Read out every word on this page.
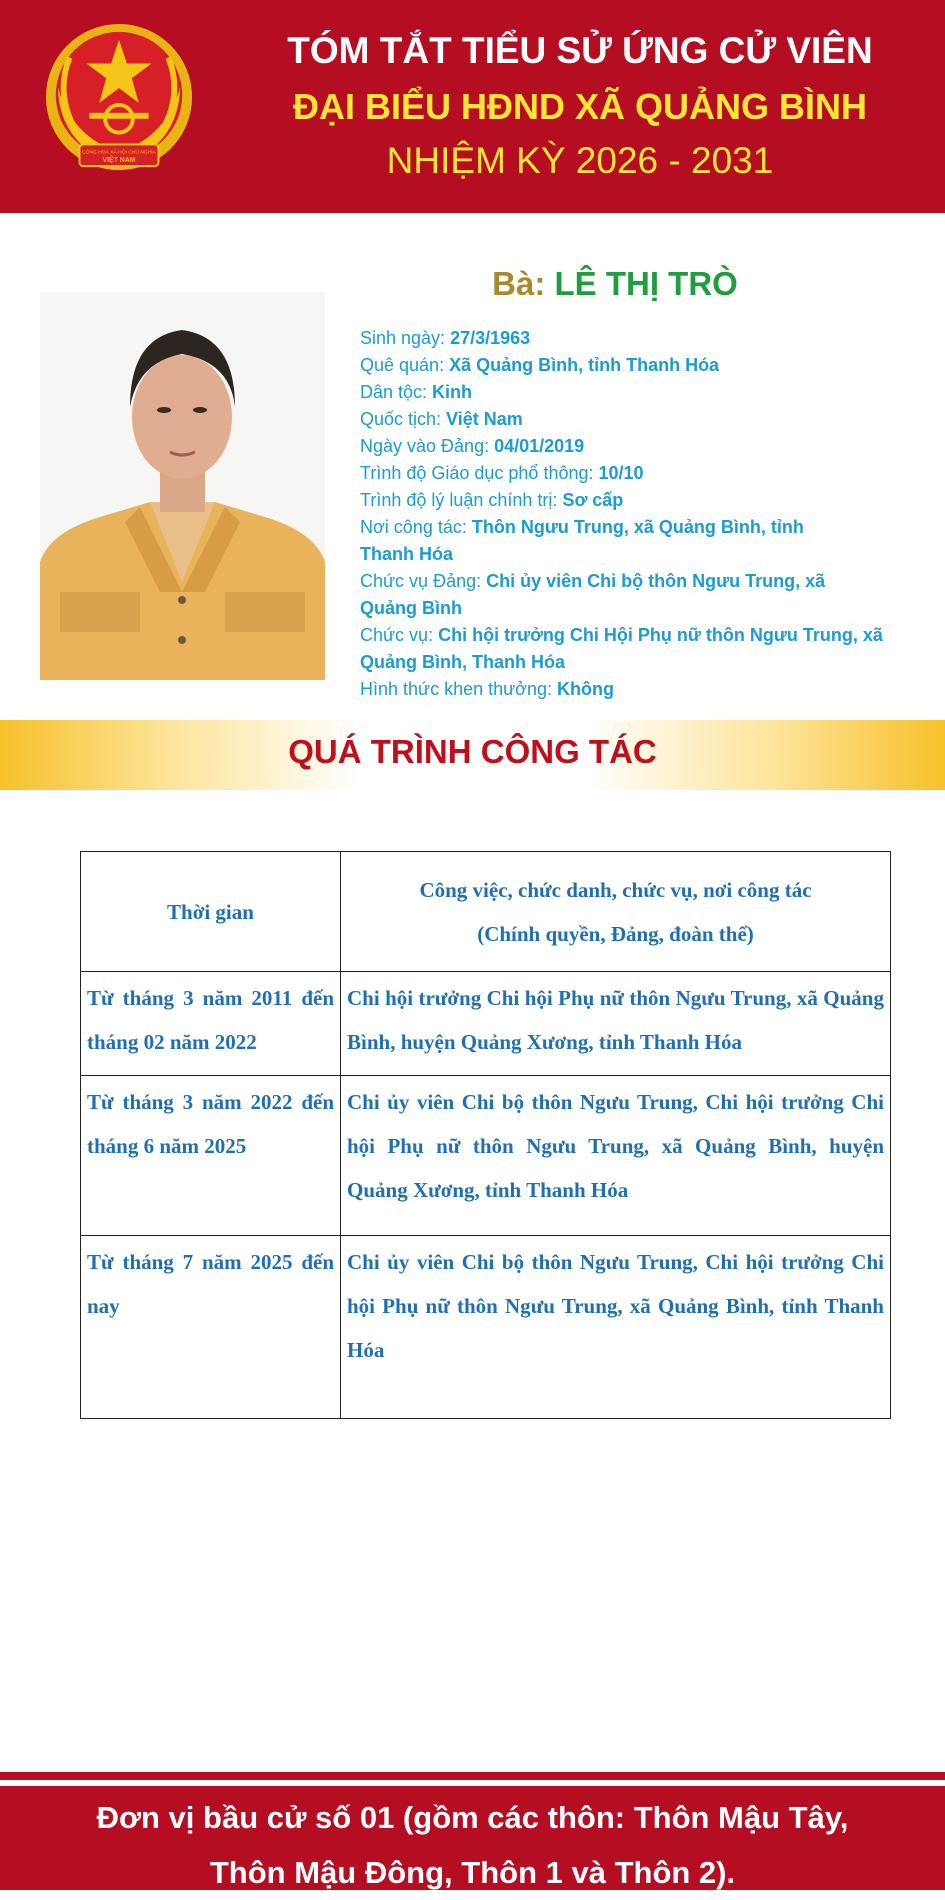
CỘNG HOÀ XÃ HỘI CHỦ NGHĨA
VIỆT NAM
TÓM TẮT TIỂU SỬ ỨNG CỬ VIÊN
ĐẠI BIỂU HĐND XÃ QUẢNG BÌNH
NHIỆM KỲ 2026 - 2031
Bà: LÊ THỊ TRÒ
Sinh ngày: 27/3/1963
Quê quán: Xã Quảng Bình, tỉnh Thanh Hóa
Dân tộc: Kinh
Quốc tịch: Việt Nam
Ngày vào Đảng: 04/01/2019
Trình độ Giáo dục phổ thông: 10/10
Trình độ lý luận chính trị: Sơ cấp
Nơi công tác: Thôn Ngưu Trung, xã Quảng Bình, tỉnh Thanh Hóa
Chức vụ Đảng: Chi ủy viên Chi bộ thôn Ngưu Trung, xã Quảng Bình
Chức vụ: Chi hội trưởng Chi Hội Phụ nữ thôn Ngưu Trung, xã Quảng Bình, Thanh Hóa
Hình thức khen thưởng: Không
QUÁ TRÌNH CÔNG TÁC
Thời gian	Công việc, chức danh, chức vụ, nơi công tác
(Chính quyền, Đảng, đoàn thể)

Từ tháng 3 năm 2011 đến tháng 02 năm 2022	Chi hội trưởng Chi hội Phụ nữ thôn Ngưu Trung, xã Quảng Bình, huyện Quảng Xương, tỉnh Thanh Hóa
Từ tháng 3 năm 2022 đến tháng 6 năm 2025	Chi ủy viên Chi bộ thôn Ngưu Trung, Chi hội trưởng Chi hội Phụ nữ thôn Ngưu Trung, xã Quảng Bình, huyện Quảng Xương, tỉnh Thanh Hóa
Từ tháng 7 năm 2025 đến nay	Chi ủy viên Chi bộ thôn Ngưu Trung, Chi hội trưởng Chi hội Phụ nữ thôn Ngưu Trung, xã Quảng Bình, tỉnh Thanh Hóa
Đơn vị bầu cử số 01 (gồm các thôn: Thôn Mậu Tây,
Thôn Mậu Đông, Thôn 1 và Thôn 2).
